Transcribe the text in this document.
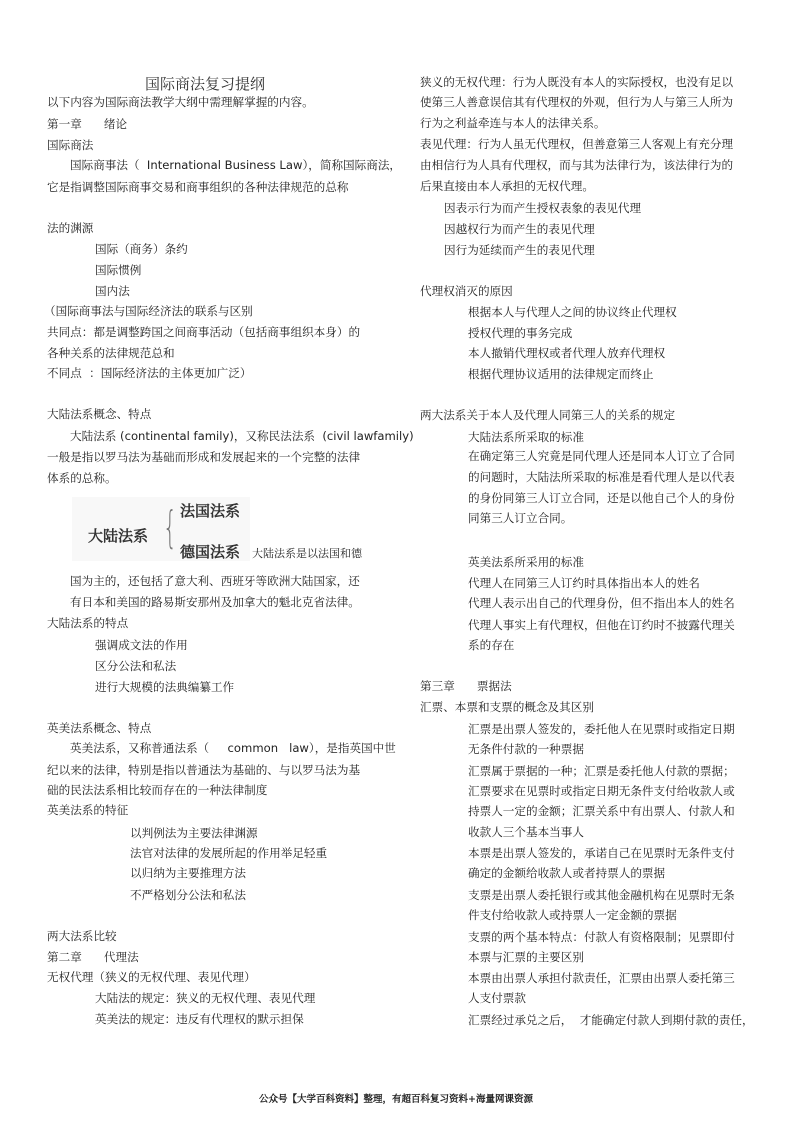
国际商法复习提纲
以下内容为国际商法教学大纲中需理解掌握的内容。
第一章      绪论
国际商法
国际商事法（  International Business Law），简称国际商法，
它是指调整国际商事交易和商事组织的各种法律规范的总称
法的渊源
国际（商务）条约
国际惯例
国内法
（国际商事法与国际经济法的联系与区别
共同点：都是调整跨国之间商事活动（包括商事组织本身）的
各种关系的法律规范总和
不同点  ：国际经济法的主体更加广泛）
大陆法系概念、特点
大陆法系 (continental family)，又称民法法系  (civil lawfamily)
一般是指以罗马法为基础而形成和发展起来的一个完整的法律
体系的总称。
国为主的，还包括了意大利、西班牙等欧洲大陆国家，还
有日本和美国的路易斯安那州及加拿大的魁北克省法律。
大陆法系的特点
强调成文法的作用
区分公法和私法
进行大规模的法典编纂工作
英美法系概念、特点
英美法系，又称普通法系（     common   law），是指英国中世
纪以来的法律，特别是指以普通法为基础的、与以罗马法为基
础的民法法系相比较而存在的一种法律制度
英美法系的特征
以判例法为主要法律渊源
法官对法律的发展所起的作用举足轻重
以归纳为主要推理方法
不严格划分公法和私法
两大法系比较
第二章      代理法
无权代理（狭义的无权代理、表见代理）
大陆法的规定：狭义的无权代理、表见代理
英美法的规定：违反有代理权的默示担保
狭义的无权代理：行为人既没有本人的实际授权，也没有足以
使第三人善意误信其有代理权的外观，但行为人与第三人所为
行为之利益牵连与本人的法律关系。
表见代理：行为人虽无代理权，但善意第三人客观上有充分理
由相信行为人具有代理权，而与其为法律行为，该法律行为的
后果直接由本人承担的无权代理。
因表示行为而产生授权表象的表见代理
因越权行为而产生的表见代理
因行为延续而产生的表见代理
代理权消灭的原因
根据本人与代理人之间的协议终止代理权
授权代理的事务完成
本人撤销代理权或者代理人放弃代理权
根据代理协议适用的法律规定而终止
两大法系关于本人及代理人同第三人的关系的规定
大陆法系所采取的标准
在确定第三人究竟是同代理人还是同本人订立了合同
的问题时，大陆法所采取的标准是看代理人是以代表
的身份同第三人订立合同，还是以他自己个人的身份
同第三人订立合同。
英美法系所采用的标准
代理人在同第三人订约时具体指出本人的姓名
代理人表示出自己的代理身份，但不指出本人的姓名
代理人事实上有代理权，但他在订约时不披露代理关
系的存在
第三章      票据法
汇票、本票和支票的概念及其区别
汇票是出票人签发的，委托他人在见票时或指定日期
无条件付款的一种票据
汇票属于票据的一种；汇票是委托他人付款的票据；
汇票要求在见票时或指定日期无条件支付给收款人或
持票人一定的金额；汇票关系中有出票人、付款人和
收款人三个基本当事人
本票是出票人签发的，承诺自己在见票时无条件支付
确定的金额给收款人或者持票人的票据
支票是出票人委托银行或其他金融机构在见票时无条
件支付给收款人或持票人一定金额的票据
支票的两个基本特点：付款人有资格限制；见票即付
本票与汇票的主要区别
本票由出票人承担付款责任，汇票由出票人委托第三
人支付票款
汇票经过承兑之后，  才能确定付款人到期付款的责任，
大陆法系 { 法国法系
德国法系 大陆法系是以法国和德
公众号【大学百科资料】整理，有超百科复习资料+海量网课资源
